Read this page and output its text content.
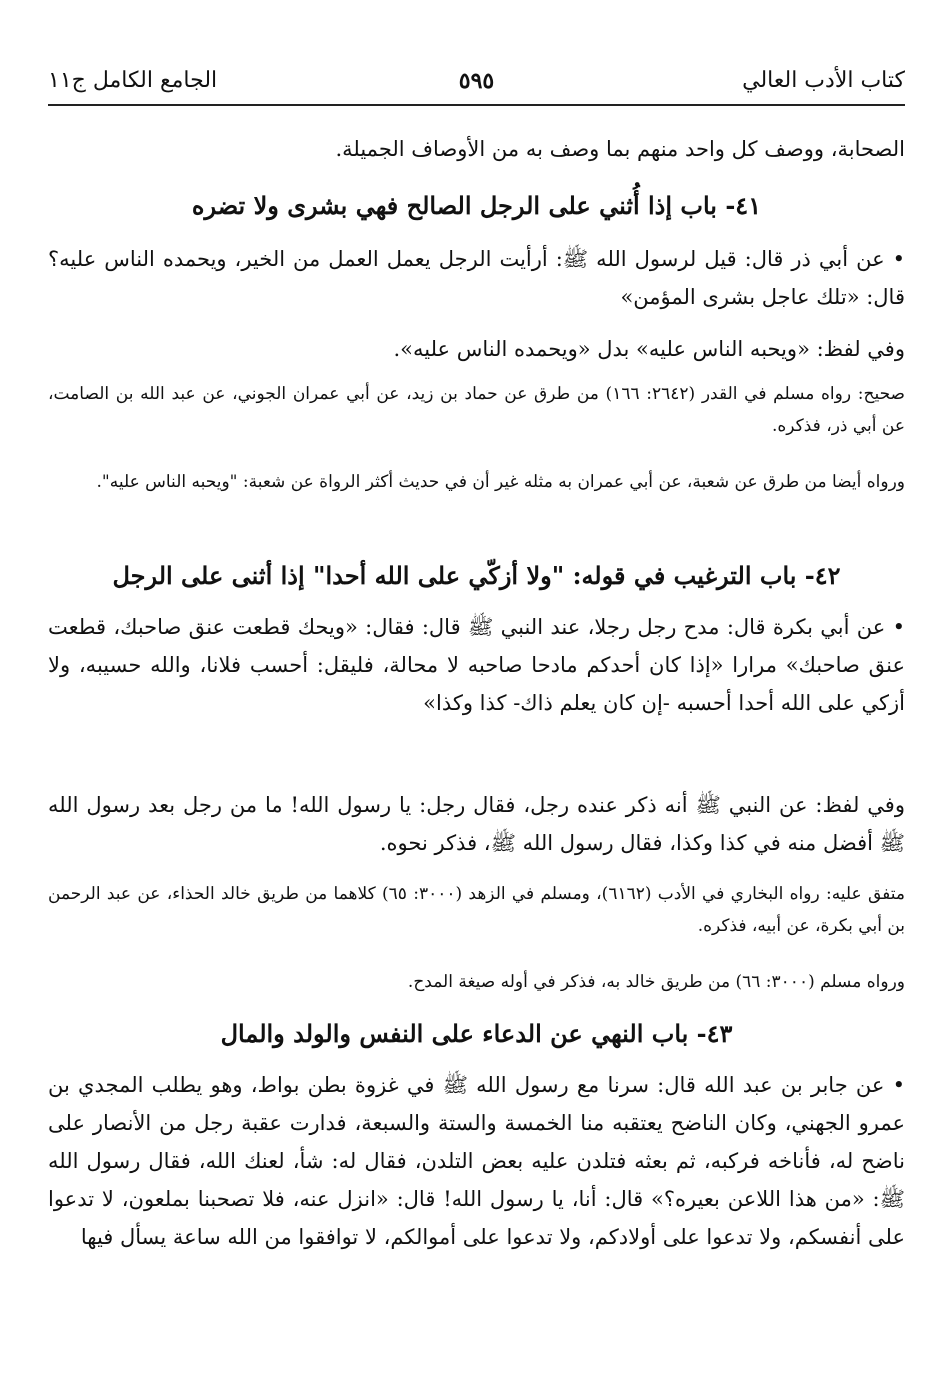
كتاب الأدب العالي
٥٩٥
الجامع الكامل ج١١

الصحابة، ووصف كل واحد منهم بما وصف به من الأوصاف الجميلة.

٤١- باب إذا أُثني على الرجل الصالح فهي بشرى ولا تضره

• عن أبي ذر قال: قيل لرسول الله ﷺ: أرأيت الرجل يعمل العمل من الخير، ويحمده الناس عليه؟ قال: «تلك عاجل بشرى المؤمن»

وفي لفظ: «ويحبه الناس عليه» بدل «ويحمده الناس عليه».

صحيح: رواه مسلم في القدر (٢٦٤٢: ١٦٦) من طرق عن حماد بن زيد، عن أبي عمران الجوني، عن عبد الله بن الصامت، عن أبي ذر، فذكره.

ورواه أيضا من طرق عن شعبة، عن أبي عمران به مثله غير أن في حديث أكثر الرواة عن شعبة: "ويحبه الناس عليه".

٤٢- باب الترغيب في قوله: "ولا أزكّي على الله أحدا" إذا أثنى على الرجل

• عن أبي بكرة قال: مدح رجل رجلا، عند النبي ﷺ قال: فقال: «ويحك قطعت عنق صاحبك، قطعت عنق صاحبك» مرارا «إذا كان أحدكم مادحا صاحبه لا محالة، فليقل: أحسب فلانا، والله حسيبه، ولا أزكي على الله أحدا أحسبه -إن كان يعلم ذاك- كذا وكذا»

وفي لفظ: عن النبي ﷺ أنه ذكر عنده رجل، فقال رجل: يا رسول الله! ما من رجل بعد رسول الله ﷺ أفضل منه في كذا وكذا، فقال رسول الله ﷺ، فذكر نحوه.

متفق عليه: رواه البخاري في الأدب (٦١٦٢)، ومسلم في الزهد (٣٠٠٠: ٦٥) كلاهما من طريق خالد الحذاء، عن عبد الرحمن بن أبي بكرة، عن أبيه، فذكره.

ورواه مسلم (٣٠٠٠: ٦٦) من طريق خالد به، فذكر في أوله صيغة المدح.

٤٣- باب النهي عن الدعاء على النفس والولد والمال

• عن جابر بن عبد الله قال: سرنا مع رسول الله ﷺ في غزوة بطن بواط، وهو يطلب المجدي بن عمرو الجهني، وكان الناضح يعتقبه منا الخمسة والستة والسبعة، فدارت عقبة رجل من الأنصار على ناضح له، فأناخه فركبه، ثم بعثه فتلدن عليه بعض التلدن، فقال له: شأ، لعنك الله، فقال رسول الله ﷺ: «من هذا اللاعن بعيره؟» قال: أنا، يا رسول الله! قال: «انزل عنه، فلا تصحبنا بملعون، لا تدعوا على أنفسكم، ولا تدعوا على أولادكم، ولا تدعوا على أموالكم، لا توافقوا من الله ساعة يسأل فيها
